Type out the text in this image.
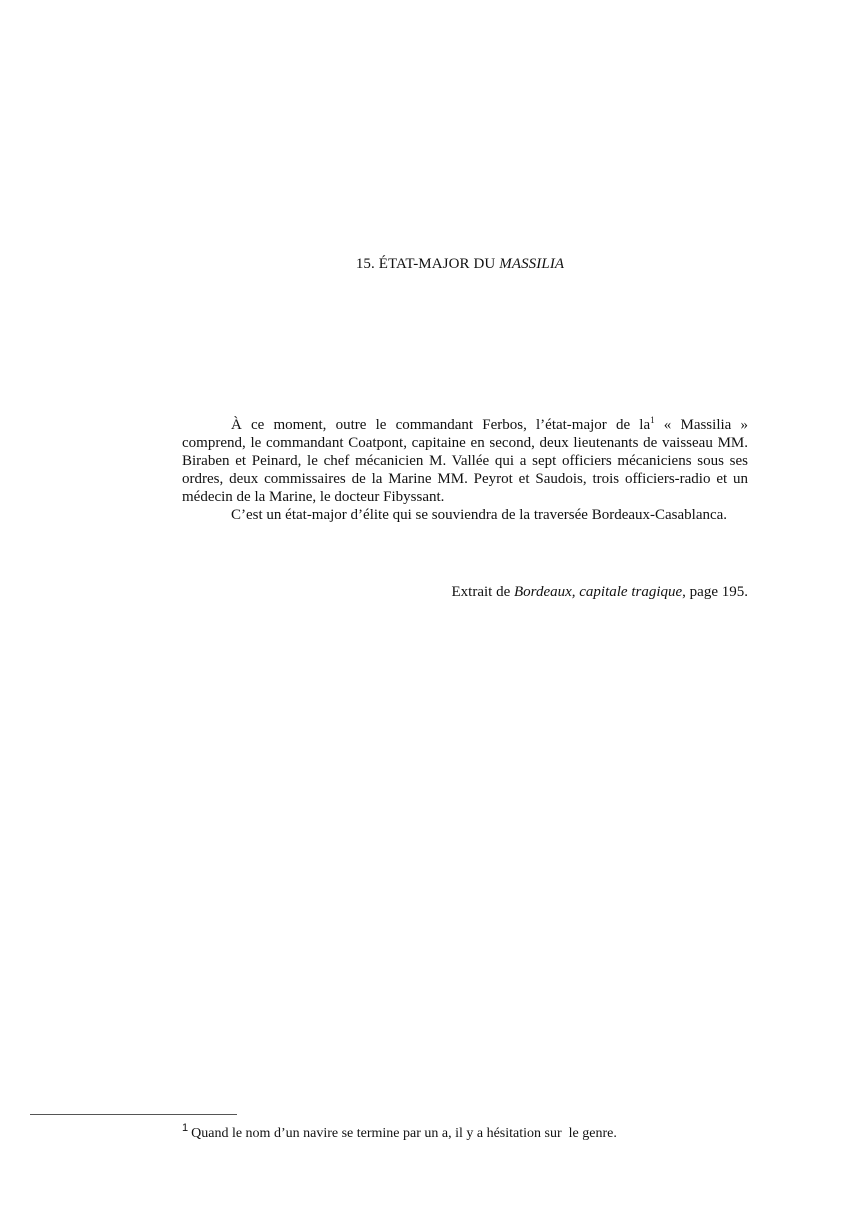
15. ÉTAT-MAJOR DU MASSILIA

À ce moment, outre le commandant Ferbos, l’état-major de $la^1$ « Massilia » comprend, le commandant Coatpont, capitaine en second, deux lieutenants de vaisseau MM. Biraben et Peinard, le chef mécanicien M. Vallée qui a sept officiers mécaniciens sous ses ordres, deux commissaires de la Marine MM. Peyrot et Saudois, trois officiers-radio et un médecin de la Marine, le docteur Fibyssant.

C’est un état-major d’élite qui se souviendra de la traversée Bordeaux-Casablanca.

Extrait de Bordeaux, capitale tragique, page 195.
$^1$ Quand le nom d’un navire se termine par un a, il y a hésitation sur  le genre.
